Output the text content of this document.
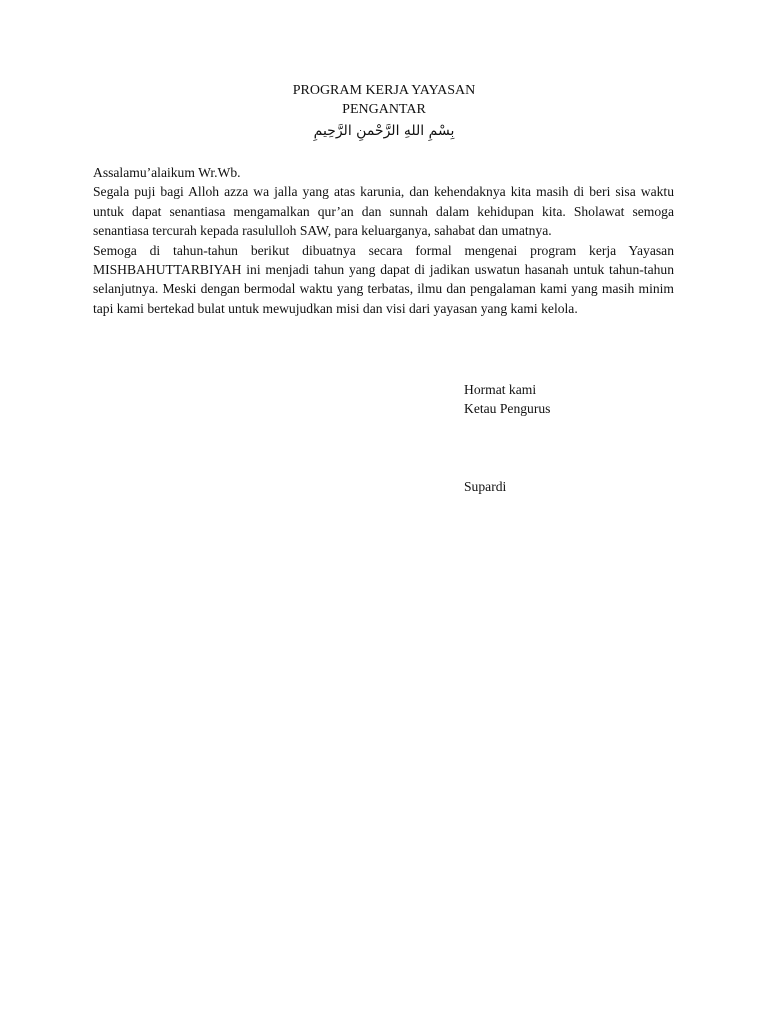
PROGRAM KERJA YAYASAN
PENGANTAR
بِسْمِ اللهِ الرَّحْمنِ الرَّحِيمِ

Assalamu’alaikum Wr.Wb.

Segala puji bagi Alloh azza wa jalla yang atas karunia, dan kehendaknya kita masih di beri sisa waktu untuk dapat senantiasa mengamalkan qur’an dan sunnah dalam kehidupan kita. Sholawat semoga senantiasa tercurah kepada rasululloh SAW, para keluarganya, sahabat dan umatnya.

Semoga di tahun-tahun berikut dibuatnya secara formal mengenai program kerja Yayasan MISHBAHUTTARBIYAH ini menjadi tahun yang dapat di jadikan uswatun hasanah untuk tahun-tahun selanjutnya. Meski dengan bermodal waktu yang terbatas, ilmu dan pengalaman kami yang masih minim tapi kami bertekad bulat untuk mewujudkan misi dan visi dari yayasan yang kami kelola.

Hormat kami
Ketau Pengurus
Supardi
